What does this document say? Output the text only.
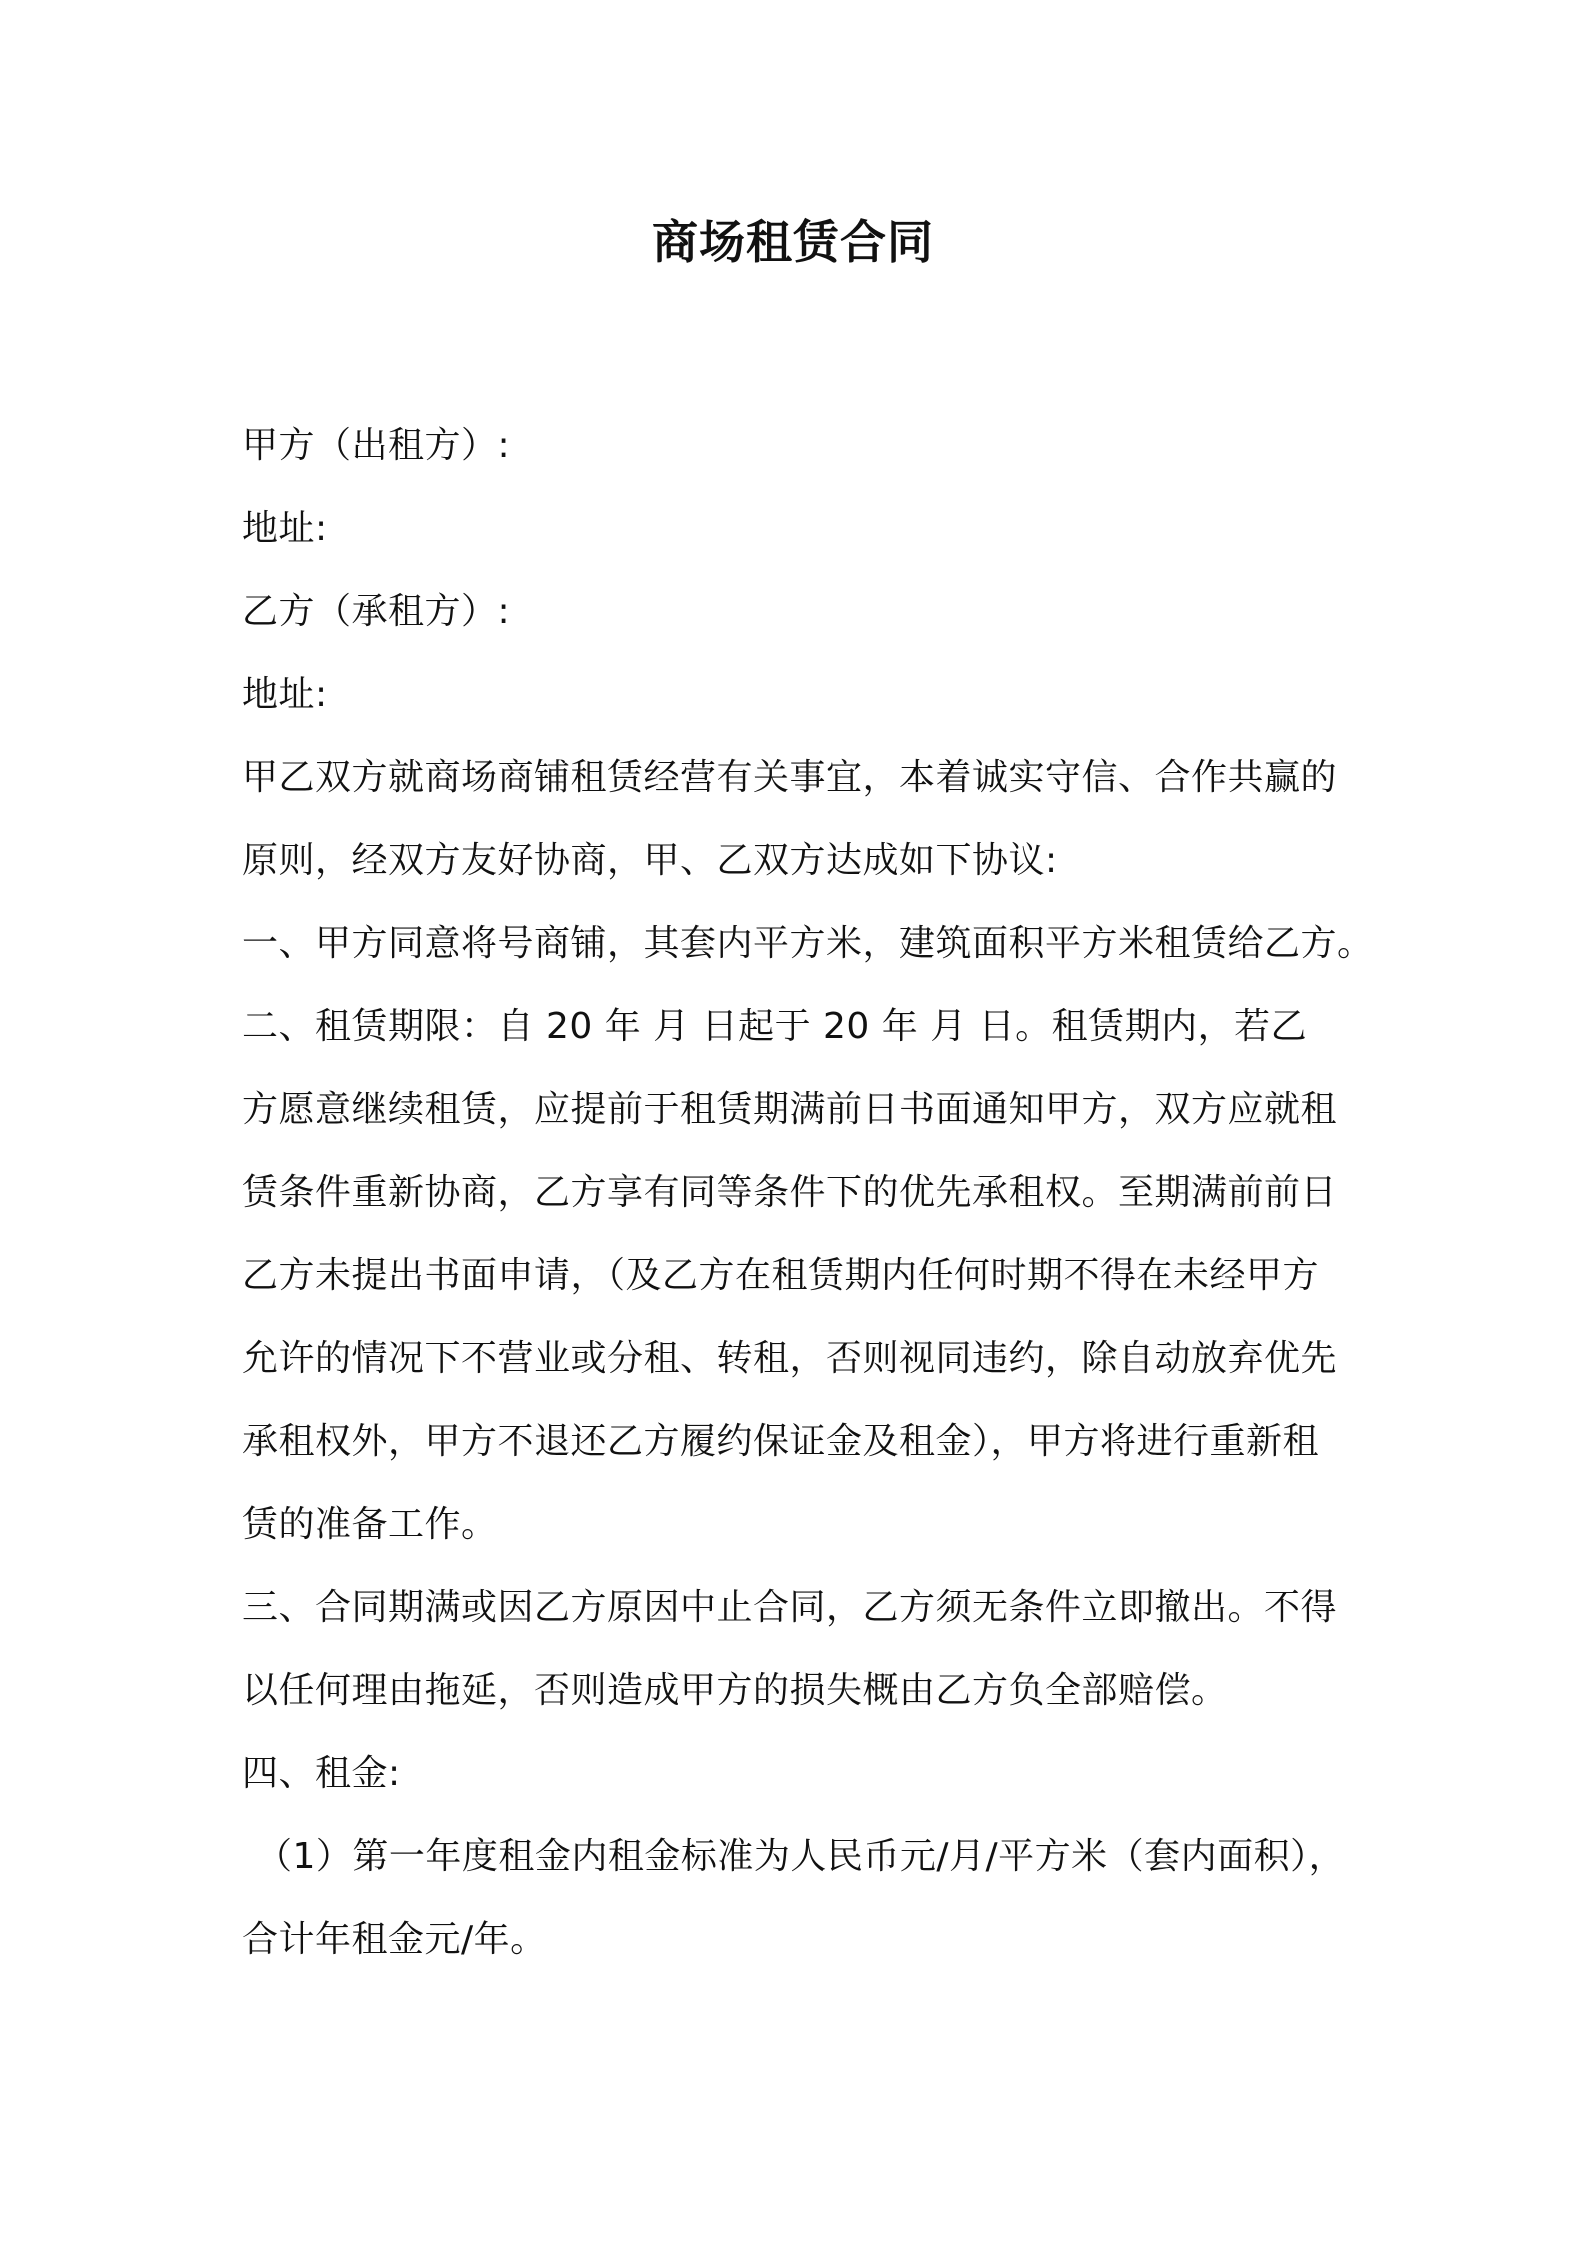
商场租赁合同
甲方（出租方）:
地址:
乙方（承租方）:
地址:
甲乙双方就商场商铺租赁经营有关事宜，本着诚实守信、合作共赢的
原则，经双方友好协商，甲、乙双方达成如下协议:
一、甲方同意将号商铺，其套内平方米，建筑面积平方米租赁给乙方。
二、租赁期限：自 20 年 月 日起于 20 年 月 日。租赁期内，若乙
方愿意继续租赁，应提前于租赁期满前日书面通知甲方，双方应就租
赁条件重新协商，乙方享有同等条件下的优先承租权。至期满前前日
乙方未提出书面申请，（及乙方在租赁期内任何时期不得在未经甲方
允许的情况下不营业或分租、转租，否则视同违约，除自动放弃优先
承租权外，甲方不退还乙方履约保证金及租金），甲方将进行重新租
赁的准备工作。
三、合同期满或因乙方原因中止合同，乙方须无条件立即撤出。不得
以任何理由拖延，否则造成甲方的损失概由乙方负全部赔偿。
四、租金:
（1）第一年度租金内租金标准为人民币元/月/平方米（套内面积），
合计年租金元/年。
